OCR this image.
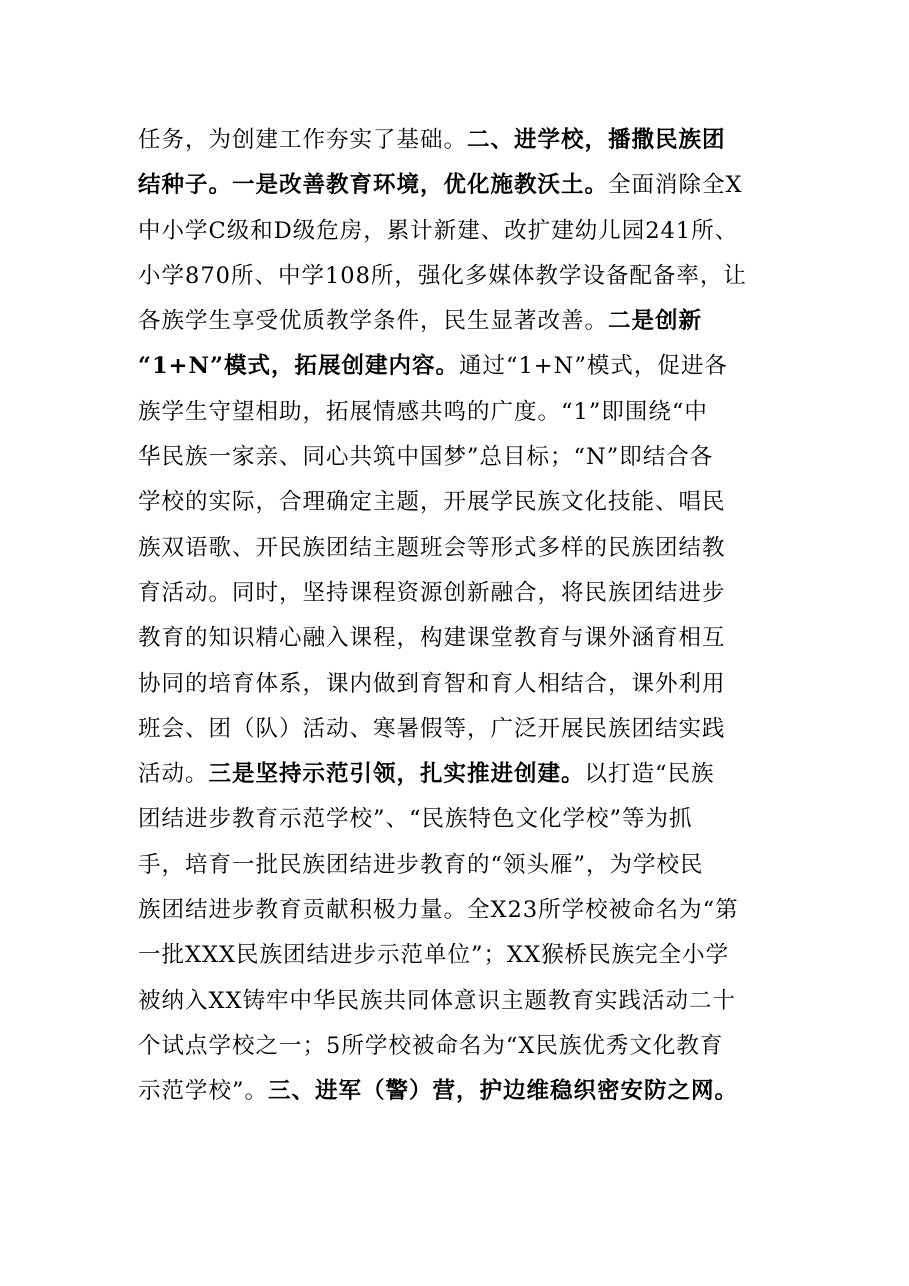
任务，为创建工作夯实了基础。二、进学校，播撒民族团
结种子。一是改善教育环境，优化施教沃土。全面消除全X
中小学C级和D级危房，累计新建、改扩建幼儿园241所、
小学870所、中学108所，强化多媒体教学设备配备率，让
各族学生享受优质教学条件，民生显著改善。二是创新
“1+N”模式，拓展创建内容。通过“1+N”模式，促进各
族学生守望相助，拓展情感共鸣的广度。“1”即围绕“中
华民族一家亲、同心共筑中国梦”总目标；“N”即结合各
学校的实际，合理确定主题，开展学民族文化技能、唱民
族双语歌、开民族团结主题班会等形式多样的民族团结教
育活动。同时，坚持课程资源创新融合，将民族团结进步
教育的知识精心融入课程，构建课堂教育与课外涵育相互
协同的培育体系，课内做到育智和育人相结合，课外利用
班会、团（队）活动、寒暑假等，广泛开展民族团结实践
活动。三是坚持示范引领，扎实推进创建。以打造“民族
团结进步教育示范学校”、“民族特色文化学校”等为抓
手，培育一批民族团结进步教育的“领头雁”，为学校民
族团结进步教育贡献积极力量。全X23所学校被命名为“第
一批XXX民族团结进步示范单位”；XX猴桥民族完全小学
被纳入XX铸牢中华民族共同体意识主题教育实践活动二十
个试点学校之一；5所学校被命名为“X民族优秀文化教育
示范学校”。三、进军（警）营，护边维稳织密安防之网。
